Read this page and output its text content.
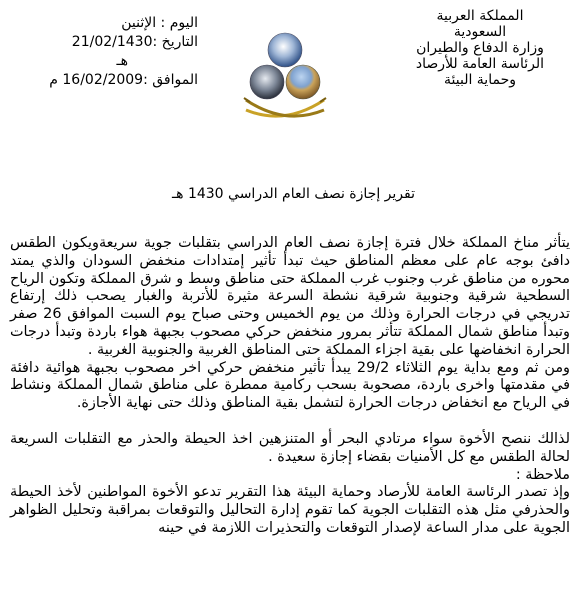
المملكة العربية
السعودية
وزارة الدفاع والطيران
الرئاسة العامة للأرصاد
وحماية البيئة
اليوم : الإثنين
التاريخ :21/02/1430
هـ
الموافق :16/02/2009 م
تقرير إجازة نصف العام الدراسي 1430 هـ

يتأثر مناخ المملكة خلال فترة إجازة نصف العام الدراسي بتقلبات جوية سريعةويكون الطقس دافئ بوجه عام على معظم المناطق حيث تبدأ تأثير إمتدادات منخفض السودان والذي يمتد محوره من مناطق غرب وجنوب غرب المملكة حتى مناطق وسط و شرق المملكة وتكون الرياح السطحية شرقية وجنوبية شرقية نشطة السرعة مثيرة للأتربة والغبار يصحب ذلك إرتفاع تدريجي في درجات الحرارة وذلك من يوم الخميس وحتى صباح يوم السبت الموافق 26 صفر وتبدأ مناطق شمال المملكة تتأثر بمرور منخفض حركي مصحوب بجبهة هواء باردة وتبدأ درجات الحرارة انخفاضها على بقية اجزاء المملكة حتى المناطق الغربية والجنوبية الغربية .

ومن ثم ومع بداية يوم الثلاثاء 29/2 يبدأ تأثير منخفض حركي اخر مصحوب بجبهة هوائية دافئة في مقدمتها واخرى باردة، مصحوبة بسحب ركامية ممطرة على مناطق شمال المملكة ونشاط في الرياح مع انخفاض درجات الحرارة لتشمل بقية المناطق وذلك حتى نهاية الأجازة.

لذالك ننصح الأخوة سواء مرتادي البحر أو المتنزهين اخذ الحيطة والحذر مع التقلبات السريعة لحالة الطقس مع كل الأمنيات بقضاء إجازة سعيدة .

ملاحظة :

وإذ تصدر الرئاسة العامة للأرصاد وحماية البيئة هذا التقرير تدعو الأخوة المواطنين لأخذ الحيطة والحذرفي مثل هذه التقلبات الجوية كما تقوم إدارة التحاليل والتوقعات بمراقبة وتحليل الظواهر الجوية على مدار الساعة لإصدار التوقعات والتحذيرات اللازمة في حينه
